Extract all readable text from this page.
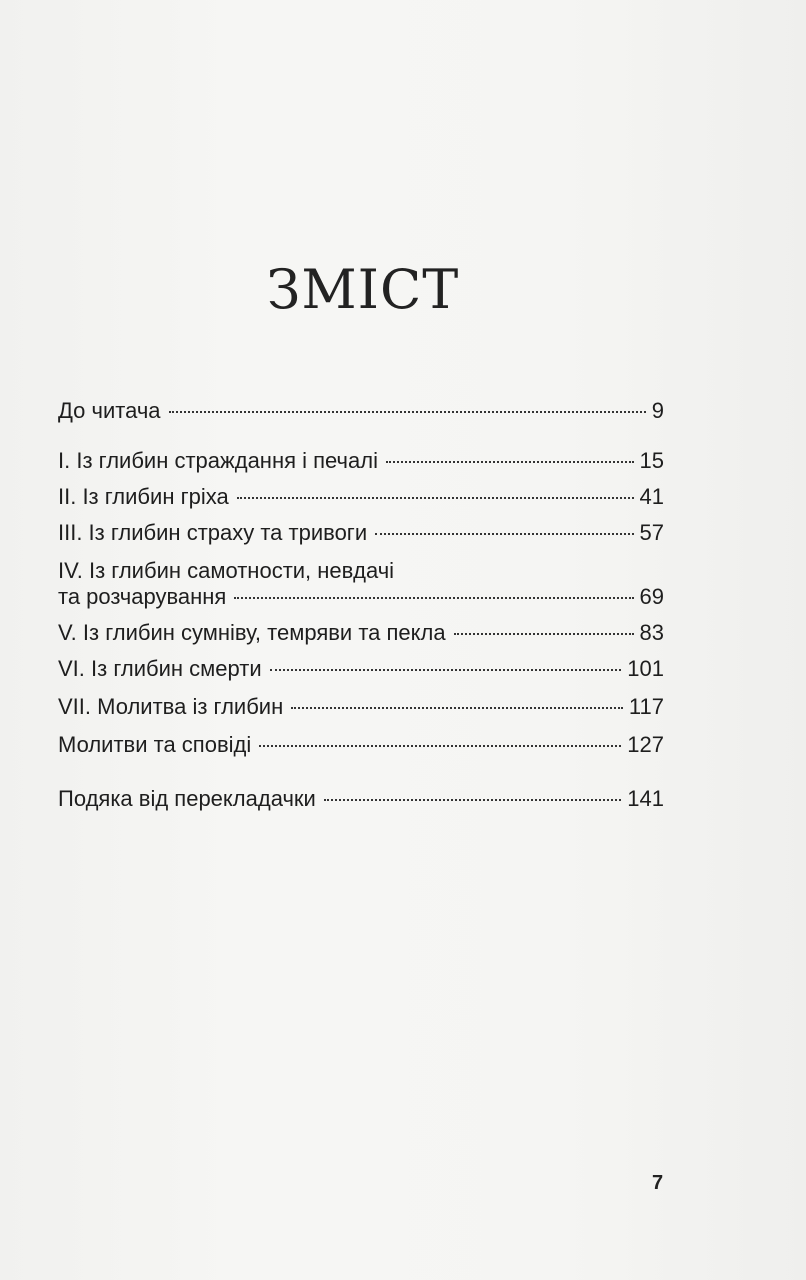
ЗМІСТ
До читача	9
I. Із глибин страждання і печалі	15
II. Із глибин гріха	41
III. Із глибин страху та тривоги	57
IV. Із глибин самотности, невдачі
та розчарування	69
V. Із глибин сумніву, темряви та пекла	83
VI. Із глибин смерти	101
VII. Молитва із глибин	117
Молитви та сповіді	127
Подяка від перекладачки	141
7
